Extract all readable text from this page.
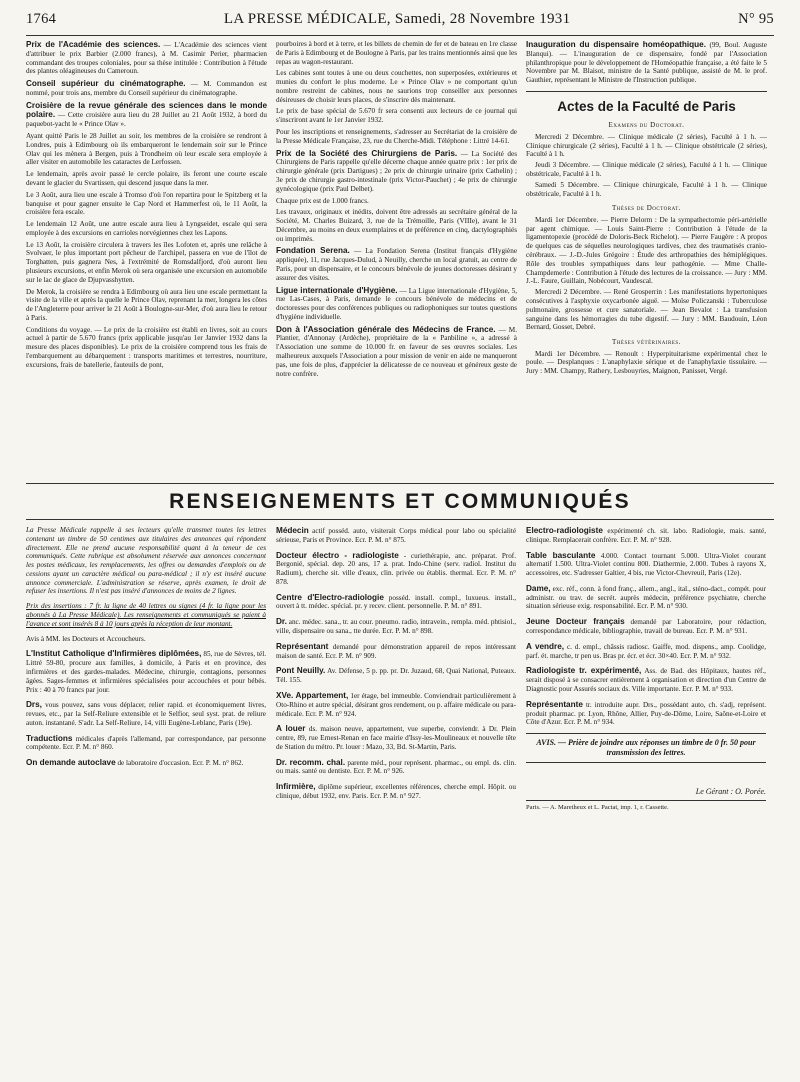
1764	LA PRESSE MÉDICALE, Samedi, 28 Novembre 1931	N° 95

Prix de l'Académie des sciences. — L'Académie des sciences vient d'attribuer le prix Barbier (2.000 francs), à M. Casimir Perier, pharmacien commandant des troupes coloniales, pour sa thèse intitulée : Contribution à l'étude des plantes oléagineuses du Cameroun.

Conseil supérieur du cinématographe. — M. Commandon est nommé, pour trois ans, membre du Conseil supérieur du cinématographe.

Croisière de la revue générale des sciences dans le monde polaire. — Cette croisière aura lieu du 28 Juillet au 21 Août 1932, à bord du paquebot-yacht le « Prince Olav ».

Ayant quitté Paris le 28 Juillet au soir, les membres de la croisière se rendront à Londres, puis à Edimbourg où ils embarqueront le lendemain soir sur le Prince Olav qui les mènera à Bergen, puis à Trondheim où leur escale sera employée à aller visiter en automobile les cataractes de Lerfossen.

Le lendemain, après avoir passé le cercle polaire, ils feront une courte escale devant le glacier du Svartissen, qui descend jusque dans la mer.

Le 3 Août, aura lieu une escale à Tromso d'où l'on repartira pour le Spitzberg et la banquise et pour gagner ensuite le Cap Nord et Hammerfest où, le 11 Août, la croisière fera escale.

Le lendemain 12 Août, une autre escale aura lieu à Lyngseidet, escale qui sera employée à des excursions en carrioles norvégiennes chez les Lapons.

Le 13 Août, la croisière circulera à travers les îles Lofoten et, après une relâche à Svolvaer, le plus important port pêcheur de l'archipel, passera en vue de l'îlot de Torghatten, puis gagnera Nes, à l'extrémité de Romsdalfjord, d'où auront lieu plusieurs excursions, et enfin Merok où sera organisée une excursion en automobile sur le lac de glace de Djupvasshytten.

De Merok, la croisière se rendra à Edimbourg où aura lieu une escale permettant la visite de la ville et après la quelle le Prince Olav, reprenant la mer, longera les côtes de l'Angleterre pour arriver le 21 Août à Boulogne-sur-Mer, d'où aura lieu le retour à Paris.

Conditions du voyage. — Le prix de la croisière est établi en livres, soit au cours actuel à partir de 5.670 francs (prix applicable jusqu'au 1er Janvier 1932 dans la mesure des places disponibles). Le prix de la croisière comprend tous les frais de l'embarquement au débarquement : transports maritimes et terrestres, nourriture, excursions, frais de batellerie, fauteuils de pont,

pourboires à bord et à terre, et les billets de chemin de fer et de bateau en 1re classe de Paris à Edimbourg et de Boulogne à Paris, par les trains mentionnés ainsi que les repas au wagon-restaurant.

Les cabines sont toutes à une ou deux couchettes, non superposées, extérieures et munies du confort le plus moderne. Le « Prince Olav » ne comportant qu'un nombre restreint de cabines, nous ne saurions trop conseiller aux personnes désireuses de choisir leurs places, de s'inscrire dès maintenant.

Le prix de base spécial de 5.670 fr sera consenti aux lecteurs de ce journal qui s'inscriront avant le 1er Janvier 1932.

Pour les inscriptions et renseignements, s'adresser au Secrétariat de la croisière de la Presse Médicale Française, 23, rue du Cherche-Midi. Téléphone : Littré 14-61.

Prix de la Société des Chirurgiens de Paris. — La Société des Chirurgiens de Paris rappelle qu'elle décerne chaque année quatre prix : 1er prix de chirurgie générale (prix Dartigues) ; 2e prix de chirurgie urinaire (prix Cathelin) ; 3e prix de chirurgie gastro-intestinale (prix Victor-Pauchet) ; 4e prix de chirurgie gynécologique (prix Paul Delbet).

Chaque prix est de 1.000 francs.

Les travaux, originaux et inédits, doivent être adressés au secrétaire général de la Société, M. Charles Buizard, 3, rue de la Trémoille, Paris (VIIIe), avant le 31 Décembre, au moins en deux exemplaires et de préférence en cinq, dactylographiés ou imprimés.

Fondation Serena. — La Fondation Serena (Institut français d'Hygiène appliquée), 11, rue Jacques-Dulud, à Neuilly, cherche un local gratuit, au centre de Paris, pour un dispensaire, et le concours bénévole de jeunes doctoresses désirant y assurer des visites.

Ligue internationale d'Hygiène. — La Ligue internationale d'Hygiène, 5, rue Las-Cases, à Paris, demande le concours bénévole de médecins et de doctoresses pour des conférences publiques ou radiophoniques sur toutes questions d'hygiène individuelle.

Don à l'Association générale des Médecins de France. — M. Plantier, d'Annonay (Ardèche), propriétaire de la « Panbiline », a adressé à l'Association une somme de 10.000 fr. en faveur de ses œuvres sociales. Les malheureux auxquels l'Association a pour mission de venir en aide ne manqueront pas, une fois de plus, d'apprécier la délicatesse de ce nouveau et généreux geste de notre confrère.

Inauguration du dispensaire homéopathique. (99, Boul. Auguste Blanqui). — L'inauguration de ce dispensaire, fondé par l'Association philanthropique pour le développement de l'Homéopathie française, a été faite le 5 Novembre par M. Blaisot, ministre de la Santé publique, assisté de M. le prof. Gauthier, représentant le Ministre de l'Instruction publique.

Actes de la Faculté de Paris
Examens du Doctorat.

Mercredi 2 Décembre. — Clinique médicale (2 séries), Faculté à 1 h. — Clinique chirurgicale (2 séries), Faculté à 1 h. — Clinique obstétricale (2 séries), Faculté à 1 h.

Jeudi 3 Décembre. — Clinique médicale (2 séries), Faculté à 1 h. — Clinique obstétricale, Faculté à 1 h.

Samedi 5 Décembre. — Clinique chirurgicale, Faculté à 1 h. — Clinique obstétricale, Faculté à 1 h.

Thèses de Doctorat.

Mardi 1er Décembre. — Pierre Delorm : De la sympathectomie péri-artérielle par agent chimique. — Louis Saint-Pierre : Contribution à l'étude de la ligamentopexie (procédé de Doloris-Beck Richelot). — Pierre Faugère : A propos de quelques cas de séquelles neurologiques tardives, chez des traumatisés cranio-cérébraux. — J.-D.-Jules Grégoire : Étude des arthropathies des hémiplégiques. Rôle des troubles sympathiques dans leur pathogénie. — Mme Challe-Champdemerle : Contribution à l'étude des lectures de la croissance. — Jury : MM. J.-L. Faure, Guillain, Nobécourt, Vaudescal.

Mercredi 2 Décembre. — René Grosperrin : Les manifestations hypertoniques consécutives à l'asphyxie oxycarbonée aiguë. — Moïse Policzanski : Tuberculose pulmonaire, grossesse et cure sanatoriale. — Jean Bevalot : La transfusion sanguine dans les hémorragies du tube digestif. — Jury : MM. Baudouin, Léon Bernard, Gosset, Debré.

Thèses vétérinaires.

Mardi 1er Décembre. — Renoult : Hyperpituitarisme expérimental chez le poule. — Desplanques : L'anaphylaxie sérique et de l'anaphylaxie tissulaire. — Jury : MM. Champy, Rathery, Lesbouyries, Maignon, Panisset, Vergé.

RENSEIGNEMENTS ET COMMUNIQUÉS

La Presse Médicale rappelle à ses lecteurs qu'elle transmet toutes les lettres contenant un timbre de 50 centimes aux titulaires des annonces qui répondent directement. Elle ne prend aucune responsabilité quant à la teneur de ces communiqués. Cette rubrique est absolument réservée aux annonces concernant les postes médicaux, les remplacements, les offres ou demandes d'emplois ou de cessions ayant un caractère médical ou para-médical ; il n'y est inséré aucune annonce commerciale. L'administration se réserve, après examen, le droit de refuser les insertions. Il n'est pas inséré d'annonces de moins de 2 lignes.

Prix des insertions : 7 fr. la ligne de 40 lettres ou signes (4 fr. la ligne pour les abonnés à La Presse Médicale). Les renseignements et communiqués se paient à l'avance et sont insérés 8 à 10 jours après la réception de leur montant.

Avis à MM. les Docteurs et Accoucheurs.

L'Institut Catholique d'Infirmières diplômées, 85, rue de Sèvres, tél. Littré 59-80, procure aux familles, à domicile, à Paris et en province, des infirmières et des gardes-malades. Médecine, chirurgie, contagions, personnes âgées. Sages-femmes et infirmières spécialisées pour accouchées et pour bébés. Prix : 40 à 70 francs par jour.

Drs, vous pouvez, sans vous déplacer, relier rapid. et économiquement livres, revues, etc., par la Self-Reliure extensible et le Selfior, seul syst. prat. de reliure auton. instantané. S'adr. La Self-Reliure, 14, villi Eugène-Leblanc, Paris (19e).

Traductions médicales d'après l'allemand, par correspondance, par personne compétente. Ecr. P. M. n° 860.

On demande autoclave de laboratoire d'occasion. Ecr. P. M. n° 862.

Médecin actif posséd. auto, visiterait Corps médical pour labo ou spécialité sérieuse, Paris et Province. Ecr. P. M. n° 875.

Docteur électro - radiologiste - curiethérapie, anc. préparat. Prof. Bergonié, spécial. dep. 20 ans, 17 a. prat. Indo-Chine (serv. radiol. Institut du Radium), cherche sit. ville d'eaux, clin. privée ou établis. thermal. Ecr. P. M. n° 878.

Centre d'Electro-radiologie posséd. install. compl., luxueus. install., ouvert à tt. médec. spécial. pr. y recev. client. personnelle. P. M. n° 891.

Dr. anc. médec. sana., tr. au cour. pneumo. radio, intravein., rempla. méd. phtisiol., ville, dispensaire ou sana., tte durée. Ecr. P. M. n° 898.

Représentant demandé pour démonstration appareil de repos intéressant maison de santé. Ecr. P. M. n° 909.

Pont Neuilly. Av. Défense, 5 p. pp. pr. Dr. Juzaud, 68, Quai National, Puteaux. Tél. 155.

XVe. Appartement, 1er étage, bel immeuble. Conviendrait particulièrement à Oto-Rhino et autre spécial, désirant gros rendement, ou p. affaire médicale ou para-médicale. Ecr. P. M. n° 924.

A louer ds. maison neuve, appartement, vue superbe, conviendr. à Dr. Plein centre, 89, rue Ernest-Renan en face mairie d'Issy-les-Moulineaux et nouvelle tête de Station du métro. Pr. louer : Mazo, 33, Bd. St-Martin, Paris.

Dr. recomm. chal. parente méd., pour représent. pharmac., ou empl. ds. clin. ou mais. santé ou dentiste. Ecr. P. M. n° 926.

Infirmière, diplôme supérieur, excellentes références, cherche empl. Hôpit. ou clinique, début 1932, env. Paris. Ecr. P. M. n° 927.

Electro-radiologiste expérimenté ch. sit. labo. Radiologie, mais. santé, clinique. Remplacerait confrère. Ecr. P. M. n° 928.

Table basculante 4.000. Contact tournant 5.000. Ultra-Violet courant alternatif 1.500. Ultra-Violet continu 800. Diathermie, 2.000. Tubes à rayons X, accessoires, etc. S'adresser Galtier, 4 bis, rue Victor-Chevreuil, Paris (12e).

Dame, exc. réf., conn. à fond franç., allem., angl., ital., sténo-dact., compét. pour administr. ou trav. de secrét. auprès médecin, préférence psychiatre, cherche situation sérieuse exig. responsabilité. Ecr. P. M. n° 930.

Jeune Docteur français demandé par Laboratoire, pour rédaction, correspondance médicale, bibliographie, travail de bureau. Ecr. P. M. n° 931.

A vendre, c. d. empl., châssis radiosc. Gaiffe, mod. dispens., amp. Coolidge, parf. ét. marche, tr pen us. Bras pr. écr. et écr. 30×40. Ecr. P. M. n° 932.

Radiologiste tr. expérimenté, Ass. de Bad. des Hôpitaux, hautes réf., serait disposé à se consacrer entièrement à organisation et direction d'un Centre de Diagnostic pour Assurés sociaux ds. Ville importante. Ecr. P. M. n° 933.

Représentante tr. introduite aupr. Drs., possédant auto, ch. s'adj, représent. produit pharmac. pr. Lyon, Rhône, Allier, Puy-de-Dôme, Loire, Saône-et-Loire et Côte d'Azur. Ecr. P. M. n° 934.

AVIS. — Prière de joindre aux réponses un timbre de 0 fr. 50 pour transmission des lettres.
Le Gérant : O. Porée.
Paris. — A. Maretheux et L. Pactat, imp. 1, r. Cassette.
